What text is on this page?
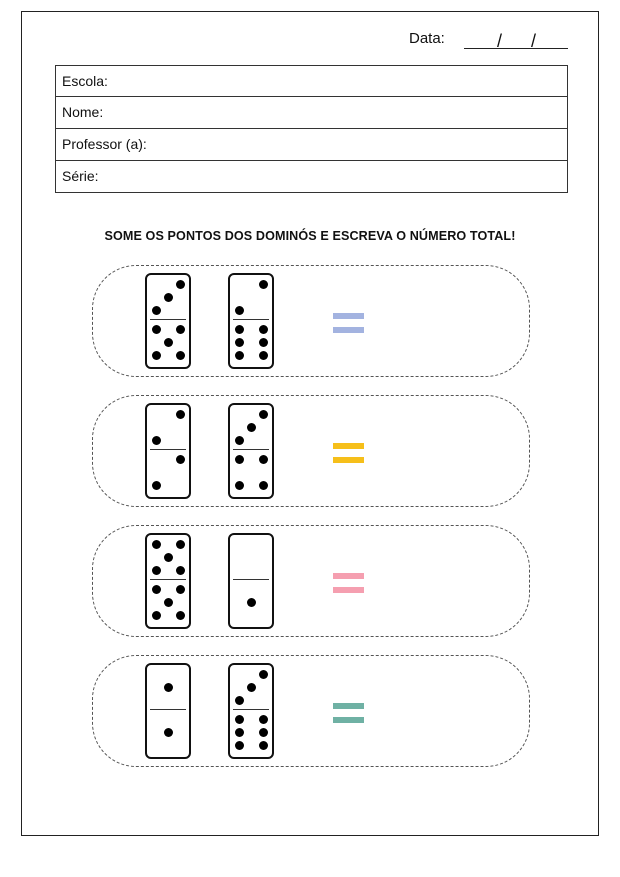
Data:	/ /
Escola:
Nome:
Professor (a):
Série:
SOME OS PONTOS DOS DOMINÓS E ESCREVA O NÚMERO TOTAL!
